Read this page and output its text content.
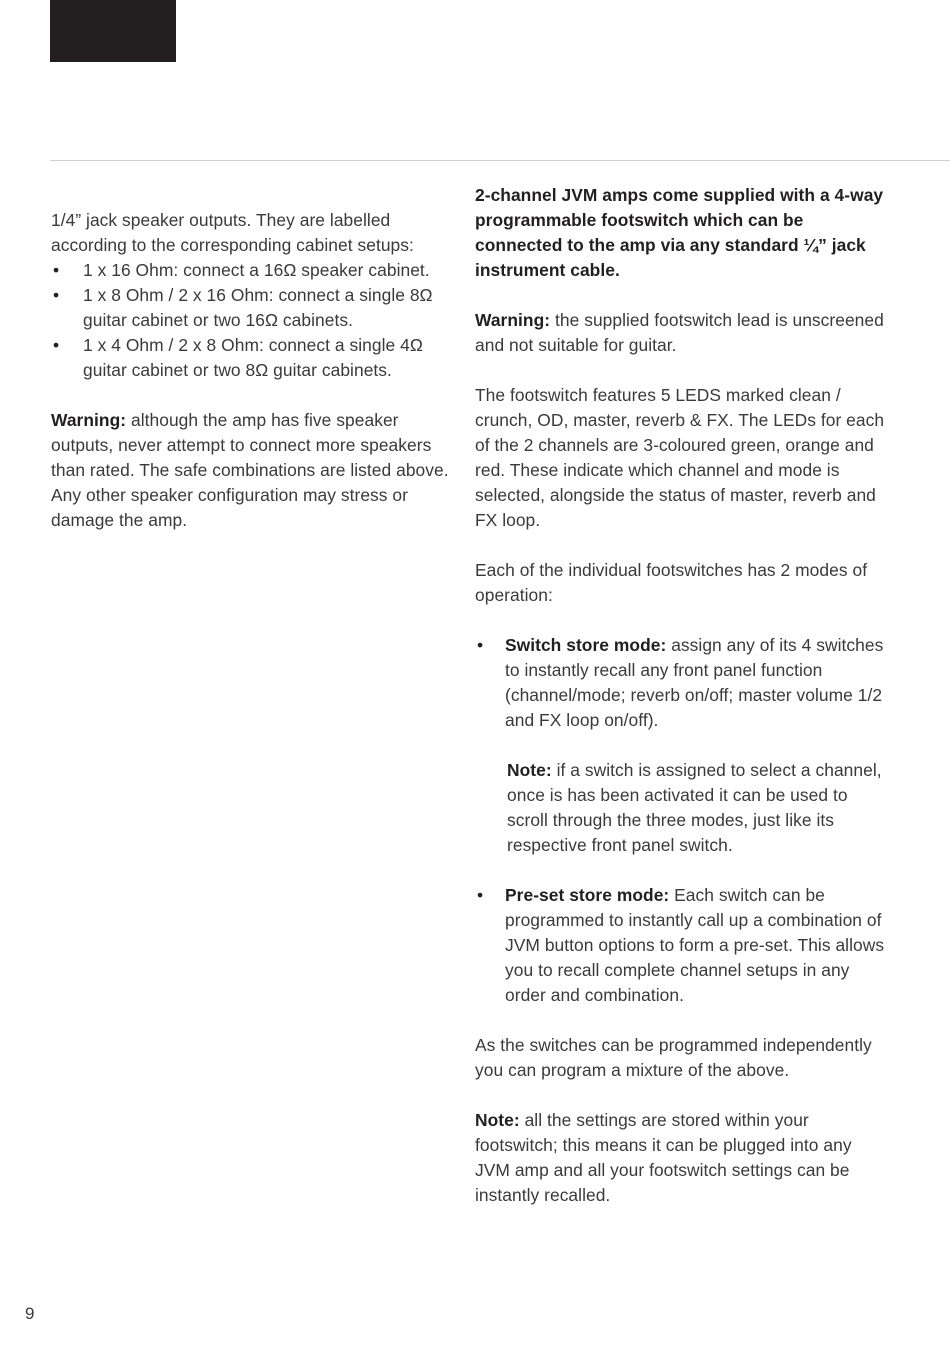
1/4” jack speaker outputs. They are labelled according to the corresponding cabinet setups:

• 1 x 16 Ohm: connect a 16Ω speaker cabinet.
• 1 x 8 Ohm / 2 x 16 Ohm: connect a single 8Ω guitar cabinet or two 16Ω cabinets.
• 1 x 4 Ohm / 2 x 8 Ohm: connect a single 4Ω guitar cabinet or two 8Ω guitar cabinets.

Warning: although the amp has five speaker outputs, never attempt to connect more speakers than rated. The safe combinations are listed above. Any other speaker configuration may stress or damage the amp.

2-channel JVM amps come supplied with a 4-way programmable footswitch which can be connected to the amp via any standard ¼” jack instrument cable.

Warning: the supplied footswitch lead is unscreened and not suitable for guitar.

The footswitch features 5 LEDS marked clean / crunch, OD, master, reverb & FX. The LEDs for each of the 2 channels are 3-coloured green, orange and red. These indicate which channel and mode is selected, alongside the status of master, reverb and FX loop.

Each of the individual footswitches has 2 modes of operation:

• Switch store mode: assign any of its 4 switches to instantly recall any front panel function (channel/mode; reverb on/off; master volume 1/2 and FX loop on/off).

Note: if a switch is assigned to select a channel, once is has been activated it can be used to scroll through the three modes, just like its respective front panel switch.

• Pre-set store mode: Each switch can be programmed to instantly call up a combination of JVM button options to form a pre-set. This allows you to recall complete channel setups in any order and combination.

As the switches can be programmed independently you can program a mixture of the above.

Note: all the settings are stored within your footswitch; this means it can be plugged into any JVM amp and all your footswitch settings can be instantly recalled.

9
